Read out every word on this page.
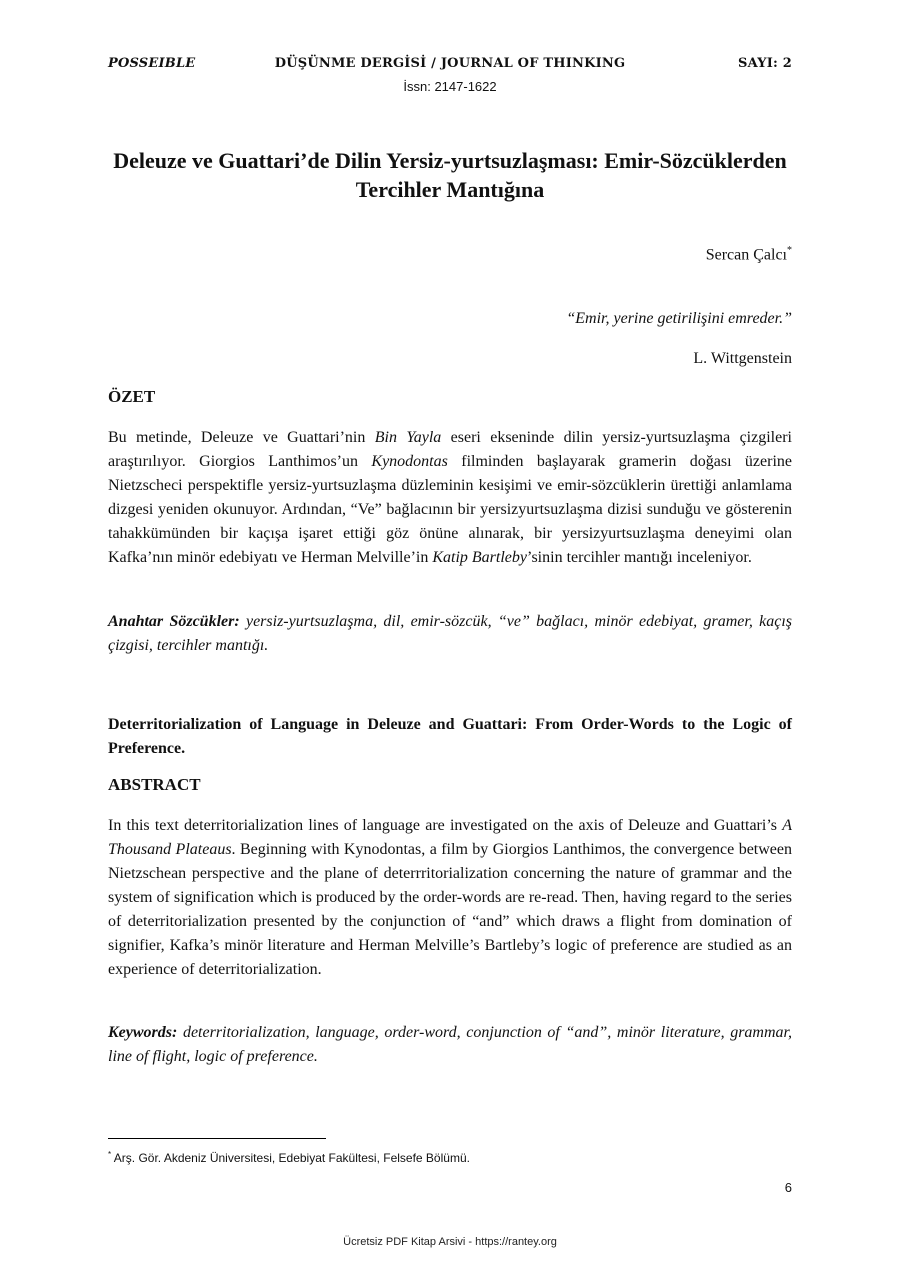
POSSEIBLE	DÜŞÜNME DERGİSİ / JOURNAL OF THINKING	SAYI: 2
İssn: 2147-1622
Deleuze ve Guattari’de Dilin Yersiz-yurtsuzlaşması: Emir-Sözcüklerden Tercihler Mantığına
Sercan Çalcı*
“Emir, yerine getirilişini emreder.”
L. Wittgenstein
ÖZET

Bu metinde, Deleuze ve Guattari’nin Bin Yayla eseri ekseninde dilin yersiz-yurtsuzlaşma çizgileri araştırılıyor. Giorgios Lanthimos’un Kynodontas filminden başlayarak gramerin doğası üzerine Nietzscheci perspektifle yersiz-yurtsuzlaşma düzleminin kesişimi ve emir-sözcüklerin ürettiği anlamlama dizgesi yeniden okunuyor. Ardından, “Ve” bağlacının bir yersizyurtsuzlaşma dizisi sunduğu ve gösterenin tahakkümünden bir kaçışa işaret ettiği göz önüne alınarak, bir yersizyurtsuzlaşma deneyimi olan Kafka’nın minör edebiyatı ve Herman Melville’in Katip Bartleby’sinin tercihler mantığı inceleniyor.

Anahtar Sözcükler: yersiz-yurtsuzlaşma, dil, emir-sözcük, “ve” bağlacı, minör edebiyat, gramer, kaçış çizgisi, tercihler mantığı.

Deterritorialization of Language in Deleuze and Guattari: From Order-Words to the Logic of Preference.

ABSTRACT

In this text deterritorialization lines of language are investigated on the axis of Deleuze and Guattari’s A Thousand Plateaus. Beginning with Kynodontas, a film by Giorgios Lanthimos, the convergence between Nietzschean perspective and the plane of deterrritorialization concerning the nature of grammar and the system of signification which is produced by the order-words are re-read. Then, having regard to the series of deterritorialization presented by the conjunction of “and” which draws a flight from domination of signifier, Kafka’s minör literature and Herman Melville’s Bartleby’s logic of preference are studied as an experience of deterritorialization.

Keywords: deterritorialization, language, order-word, conjunction of “and”, minör literature, grammar, line of flight, logic of preference.

* Arş. Gör. Akdeniz Üniversitesi, Edebiyat Fakültesi, Felsefe Bölümü.
6
Ücretsiz PDF Kitap Arsivi - https://rantey.org
